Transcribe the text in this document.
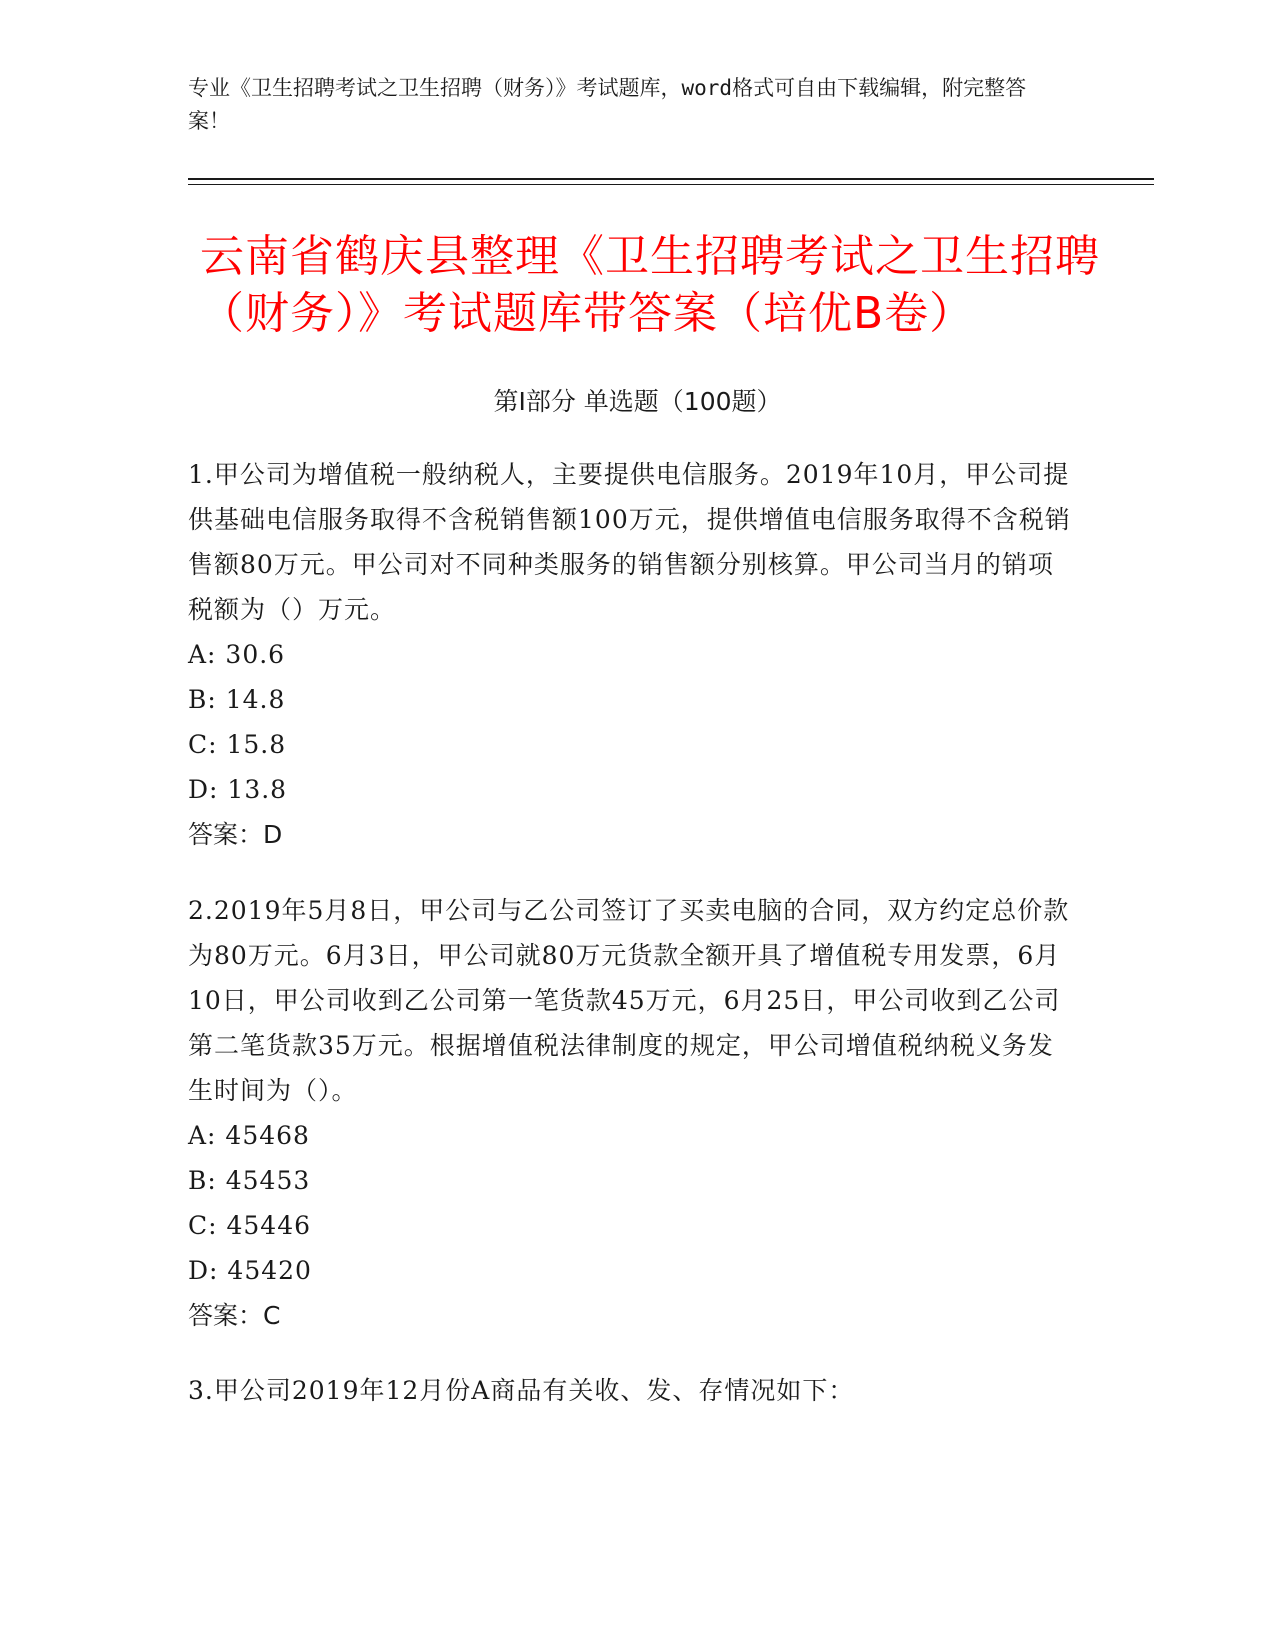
专业《卫生招聘考试之卫生招聘（财务）》考试题库，word格式可自由下载编辑，附完整答案！
云南省鹤庆县整理《卫生招聘考试之卫生招聘（财务）》考试题库带答案（培优B卷）
第I部分 单选题（100题）

1.甲公司为增值税一般纳税人，主要提供电信服务。2019年10月，甲公司提供基础电信服务取得不含税销售额100万元，提供增值电信服务取得不含税销售额80万元。甲公司对不同种类服务的销售额分别核算。甲公司当月的销项税额为（）万元。

A: 30.6

B: 14.8

C: 15.8

D: 13.8

答案：D

2.2019年5月8日，甲公司与乙公司签订了买卖电脑的合同，双方约定总价款为80万元。6月3日，甲公司就80万元货款全额开具了增值税专用发票，6月10日，甲公司收到乙公司第一笔货款45万元，6月25日，甲公司收到乙公司第二笔货款35万元。根据增值税法律制度的规定，甲公司增值税纳税义务发生时间为（）。

A: 45468

B: 45453

C: 45446

D: 45420

答案：C

3.甲公司2019年12月份A商品有关收、发、存情况如下：
